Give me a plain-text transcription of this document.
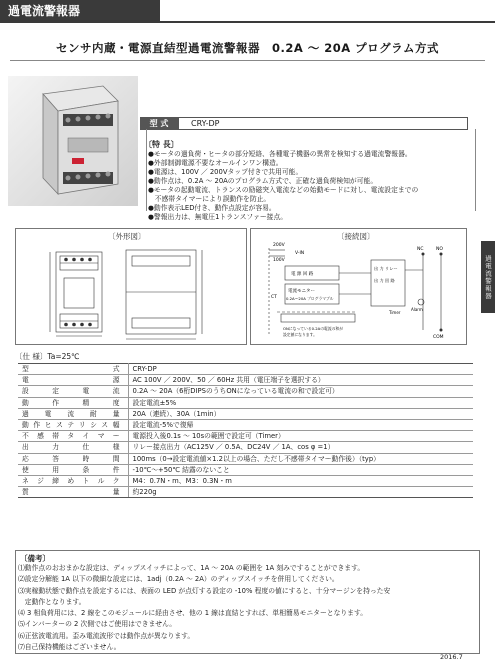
過電流警報器
センサ内蔵・電源直結型過電流警報器　0.2A ～ 20A プログラム方式
型 式	CRY-DP
〔特 長〕
●モータの過負荷・ヒータの部分短絡、各種電子機器の異常を検知する過電流警報器。
●外部制御電源不要なオールインワン構造。
●電源は、100V ／ 200Vタップ付きで共用可能。
●動作点は、0.2A ～ 20Aのプログラム方式で、正確な過負荷検知が可能。
●モータの起動電流、トランスの励磁突入電流などの始動モードに対し、電流設定までの
　不感帯タイマーにより誤動作を防止。
●動作表示LED付き、動作点設定が容易。
●警報出力は、無電圧1トランスファー接点。
〔外形図〕	〔接続図〕
200V
100V
V-IN
電 源 回 路
電流モニター
0.2A～20A プログラマブル
出 力 リレー
出 力 回 路
NC	NO
COM
Alarm
Timer
CT
ONになっている0.2Aの電流の和が
設定値になります。
過電流警報器
〔仕 様〕Ta=25℃
型 式	CRY-DP
電 源	AC 100V ／ 200V、50 ／ 60Hz 共用（電圧端子を選択する）
設 定 電 流	0.2A ～ 20A（6桁DIPSのうちONになっている電流の和で設定可）
動 作 精 度	設定電流±5%
過 電 流 耐 量	20A（連続）、30A（1min）
動作ヒステリシス幅	設定電流-5%で復帰
不 感 帯 タ イ マ ー	電源投入後0.1s ～ 10sの範囲で設定可（Timer）
出 力 仕 様	リレー接点出力（AC125V ／ 0.5A、DC24V ／ 1A、cos φ =1）
応 答 時 間	100ms（0→設定電流値×1.2以上の場合、ただし不感帯タイマー動作後）（typ）
使 用 条 件	-10℃～+50℃ 結露のないこと
ネ ジ 締 め ト ル ク	M4：0.7N・m、M3：0.3N・m
質 量	約220g
〔備考〕
⑴動作点のおおまかな設定は、ディップスイッチによって、1A ～ 20A の範囲を 1A 刻みですることができます。
⑵設定分解能 1A 以下の微細な設定には、1adj（0.2A ～ 2A）のディップスイッチを併用してください。
⑶実稼動状態で動作点を設定するには、表面の LED が点灯する設定の -10% 程度の値にすると、十分マージンを持った安
　定動作となります。
⑷ 3 相負荷用には、2 線をこのモジュールに経由させ、他の 1 線は直結とすれば、単相簡易モニターとなります。
⑸インバーターの 2 次側ではご使用はできません。
⑹正弦波電流用。歪み電流波形では動作点が異なります。
⑺自己保持機能はございません。
2016.7
